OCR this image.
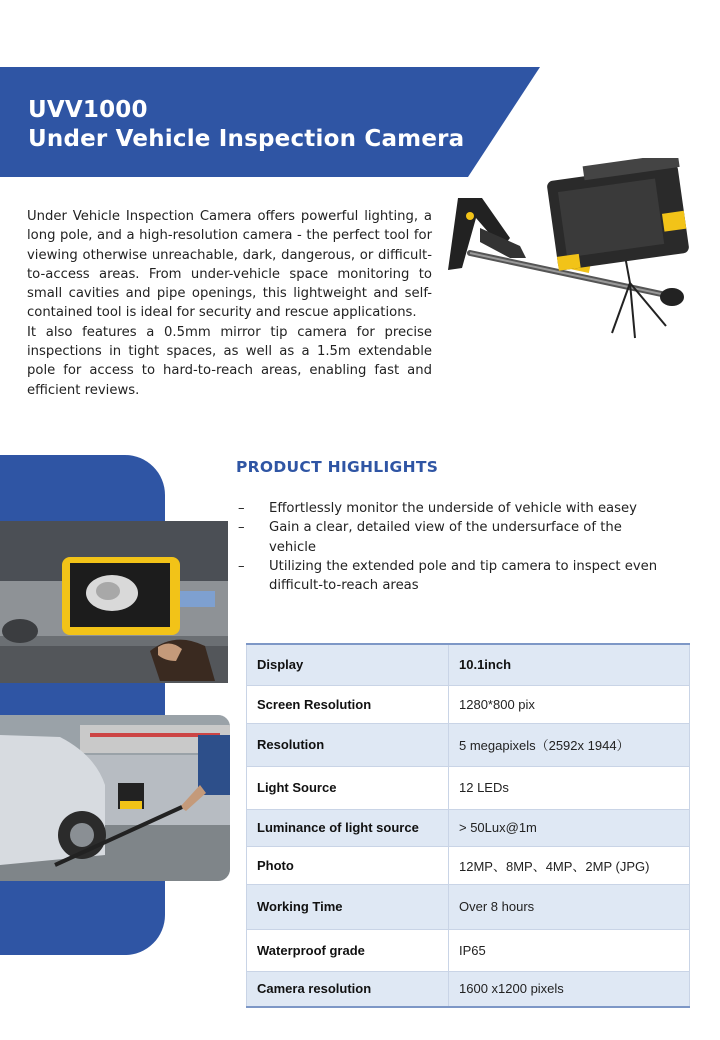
UVV1000
Under Vehicle Inspection Camera

Under Vehicle Inspection Camera offers powerful lighting, a long pole, and a high-resolution camera - the perfect tool for viewing otherwise unreachable, dark, dangerous, or difficult-to-access areas. From under-vehicle space monitoring to small cavities and pipe openings, this lightweight and self-contained tool is ideal for security and rescue applications.

It also features a 0.5mm mirror tip camera for precise inspections in tight spaces, as well as a 1.5m extendable pole for access to hard-to-reach areas, enabling fast and efficient reviews.

PRODUCT HIGHLIGHTS
– Effortlessly monitor the underside of vehicle with easey
– Gain a clear, detailed view of the undersurface of the vehicle
– Utilizing the extended pole and tip camera to inspect even difficult-to-reach areas
Display	10.1inch
Screen Resolution	1280*800 pix
Resolution	5 megapixels（2592x 1944）
Light Source	12 LEDs
Luminance of light source	> 50Lux@1m
Photo	12MP、8MP、4MP、2MP (JPG)
Working Time	Over 8 hours
Waterproof grade	IP65
Camera resolution	1600 x1200 pixels
